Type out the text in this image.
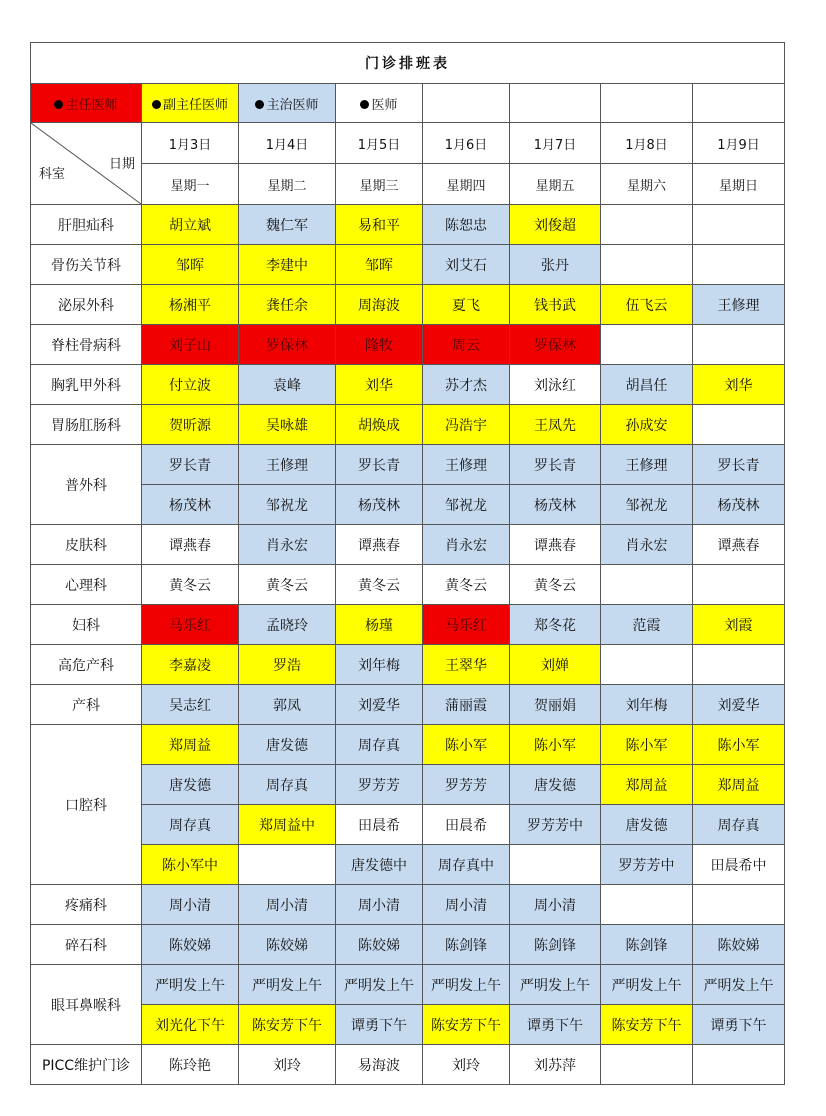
门诊排班表							
主任医师	副主任医师	主治医师	医师				

科室
日期	1月3日	1月4日	1月5日	1月6日	1月7日	1月8日	1月9日
	星期一	星期二	星期三	星期四	星期五	星期六	星期日
肝胆疝科	胡立斌	魏仁军	易和平	陈恕忠	刘俊超		
骨伤关节科	邹晖	李建中	邹晖	刘艾石	张丹		
泌尿外科	杨湘平	龚任余	周海波	夏飞	钱书武	伍飞云	王修理
脊柱骨病科	刘子山	罗保林	隆牧	周云	罗保林		
胸乳甲外科	付立波	袁峰	刘华	苏才杰	刘泳红	胡昌任	刘华
胃肠肛肠科	贺昕源	吴咏雄	胡焕成	冯浩宇	王凤先	孙成安	
普外科	罗长青	王修理	罗长青	王修理	罗长青	王修理	罗长青
	杨茂林	邹祝龙	杨茂林	邹祝龙	杨茂林	邹祝龙	杨茂林
皮肤科	谭燕春	肖永宏	谭燕春	肖永宏	谭燕春	肖永宏	谭燕春
心理科	黄冬云	黄冬云	黄冬云	黄冬云	黄冬云		
妇科	马乐红	孟晓玲	杨瑾	马乐红	郑冬花	范霞	刘霞
高危产科	李嘉凌	罗浩	刘年梅	王翠华	刘婵		
产科	吴志红	郭凤	刘爱华	蒲丽霞	贺丽娟	刘年梅	刘爱华
口腔科	郑周益	唐发德	周存真	陈小军	陈小军	陈小军	陈小军
	唐发德	周存真	罗芳芳	罗芳芳	唐发德	郑周益	郑周益
	周存真	郑周益中	田晨希	田晨希	罗芳芳中	唐发德	周存真
	陈小军中		唐发德中	周存真中		罗芳芳中	田晨希中
疼痛科	周小清	周小清	周小清	周小清	周小清		
碎石科	陈姣娣	陈姣娣	陈姣娣	陈剑锋	陈剑锋	陈剑锋	陈姣娣
眼耳鼻喉科	严明发上午	严明发上午	严明发上午	严明发上午	严明发上午	严明发上午	严明发上午
	刘光化下午	陈安芳下午	谭勇下午	陈安芳下午	谭勇下午	陈安芳下午	谭勇下午
PICC维护门诊	陈玲艳	刘玲	易海波	刘玲	刘苏萍		
